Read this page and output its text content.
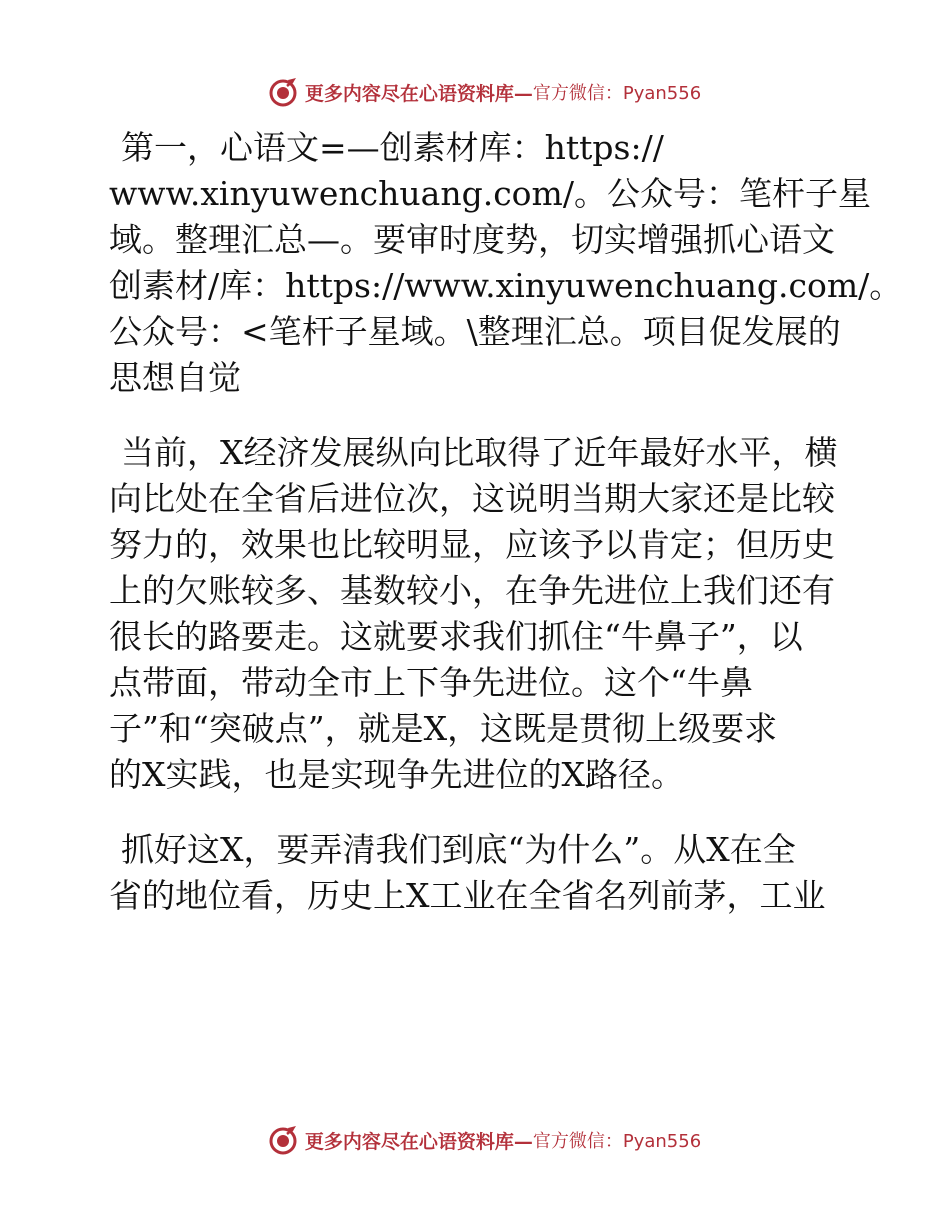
更多内容尽在心语资料库— 官方微信：Pyan556
第一，心语文=—创素材库：https://
www.xinyuwenchuang.com/。公众号：笔杆子星
域。整理汇总—。要审时度势，切实增强抓心语文
创素材/库：https://www.xinyuwenchuang.com/。
公众号：<笔杆子星域。\整理汇总。项目促发展的
思想自觉
当前，X经济发展纵向比取得了近年最好水平，横
向比处在全省后进位次，这说明当期大家还是比较
努力的，效果也比较明显，应该予以肯定；但历史
上的欠账较多、基数较小，在争先进位上我们还有
很长的路要走。这就要求我们抓住“牛鼻子”，以
点带面，带动全市上下争先进位。这个“牛鼻
子”和“突破点”，就是X，这既是贯彻上级要求
的X实践，也是实现争先进位的X路径。
抓好这X，要弄清我们到底“为什么”。从X在全
省的地位看，历史上X工业在全省名列前茅，工业
更多内容尽在心语资料库— 官方微信：Pyan556
